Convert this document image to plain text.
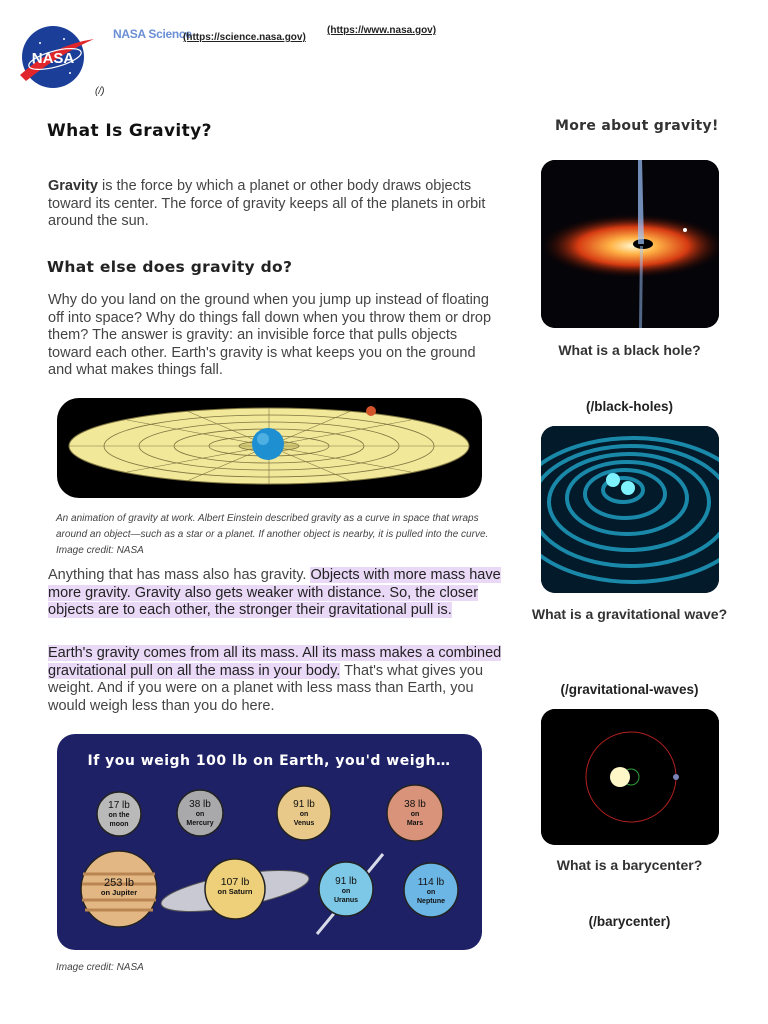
NASA
NASA Science
(https://science.nasa.gov)
(https://www.nasa.gov)
(/)
What Is Gravity?
Gravity is the force by which a planet or other body draws objects toward its center. The force of gravity keeps all of the planets in orbit around the sun.
What else does gravity do?
Why do you land on the ground when you jump up instead of floating off into space? Why do things fall down when you throw them or drop them? The answer is gravity: an invisible force that pulls objects toward each other. Earth's gravity is what keeps you on the ground and what makes things fall.
An animation of gravity at work. Albert Einstein described gravity as a curve in space that wraps around an object—such as a star or a planet. If another object is nearby, it is pulled into the curve. Image credit: NASA
Anything that has mass also has gravity. Objects with more mass have more gravity. Gravity also gets weaker with distance. So, the closer objects are to each other, the stronger their gravitational pull is.
Earth's gravity comes from all its mass. All its mass makes a combined gravitational pull on all the mass in your body. That's what gives you weight. And if you were on a planet with less mass than Earth, you would weigh less than you do here.
If you weigh 100 lb on Earth, you'd weigh…
17 lb
on the
moon
38 lb
on
Mercury
91 lb
on
Venus
38 lb
on
Mars
253 lb
on Jupiter
107 lb
on Saturn
91 lb
on
Uranus
114 lb
on
Neptune
Image credit: NASA
More about gravity!
What is a black hole?
(/black-holes)
What is a gravitational wave?
(/gravitational-waves)
What is a barycenter?
(/barycenter)
